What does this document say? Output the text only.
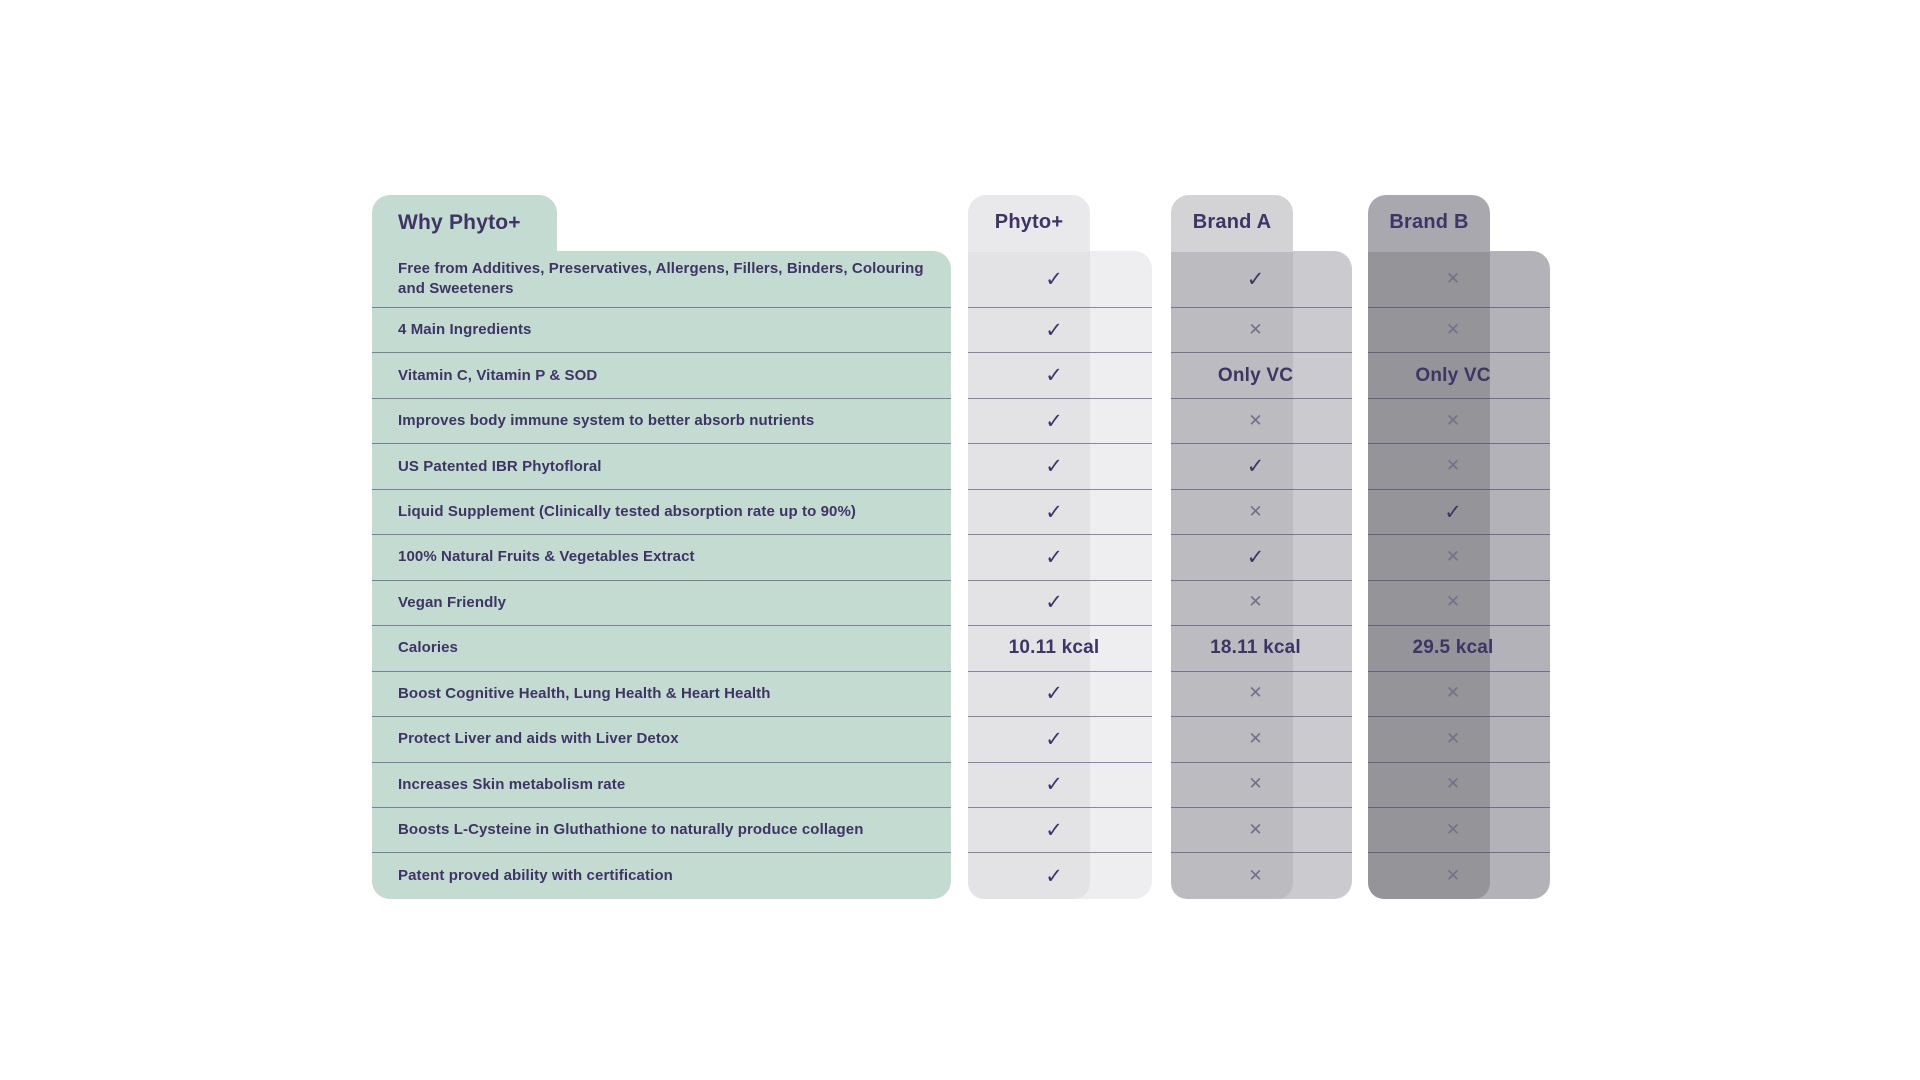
Why Phyto+
Free from Additives, Preservatives, Allergens, Fillers, Binders, Colouring and Sweeteners
4 Main Ingredients
Vitamin C, Vitamin P & SOD
Improves body immune system to better absorb nutrients
US Patented IBR Phytofloral
Liquid Supplement (Clinically tested absorption rate up to 90%)
100% Natural Fruits & Vegetables Extract
Vegan Friendly
Calories
Boost Cognitive Health, Lung Health & Heart Health
Protect Liver and aids with Liver Detox
Increases Skin metabolism rate
Boosts L-Cysteine in Gluthathione to naturally produce collagen
Patent proved ability with certification
Phyto+
✓
✓
✓
✓
✓
✓
✓
✓
10.11 kcal
✓
✓
✓
✓
✓
Brand A
✓
✕
Only VC
✕
✓
✕
✓
✕
18.11 kcal
✕
✕
✕
✕
✕
Brand B
✕
✕
Only VC
✕
✕
✓
✕
✕
29.5 kcal
✕
✕
✕
✕
✕
